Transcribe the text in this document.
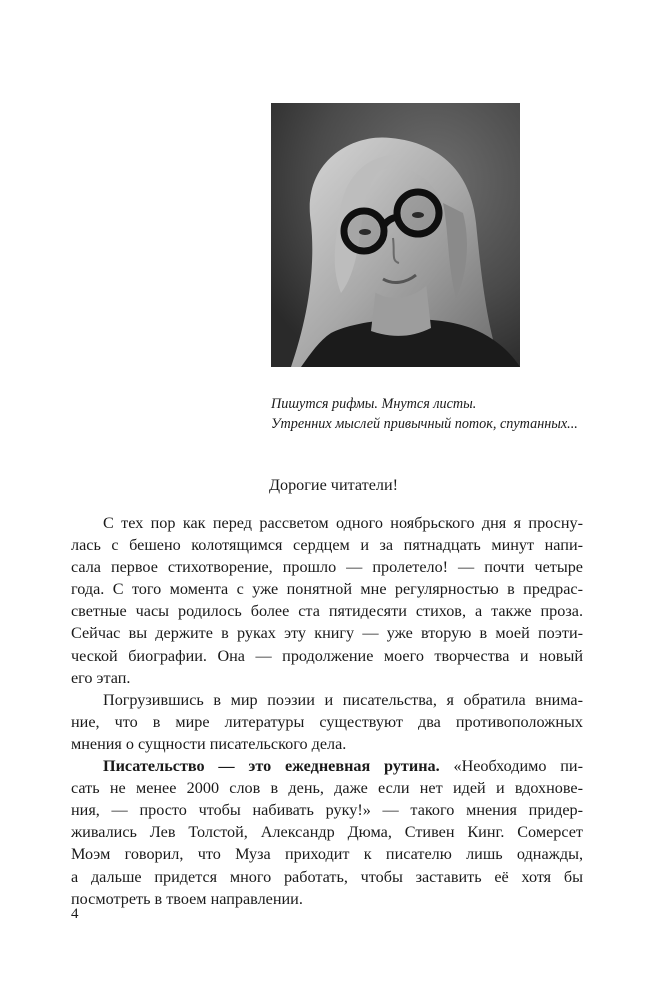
Пишутся рифмы. Мнутся листы.
Утренних мыслей привычный поток, спутанных...
Дорогие читатели!
С тех пор как перед рассветом одного ноябрьского дня я просну-
лась с бешено колотящимся сердцем и за пятнадцать минут напи-
сала первое стихотворение, прошло — пролетело! — почти четыре
года. С того момента с уже понятной мне регулярностью в предрас-
светные часы родилось более ста пятидесяти стихов, а также проза.
Сейчас вы держите в руках эту книгу — уже вторую в моей поэти-
ческой биографии. Она — продолжение моего творчества и новый
его этап.
Погрузившись в мир поэзии и писательства, я обратила внима-
ние, что в мире литературы существуют два противоположных
мнения о сущности писательского дела.
Писательство — это ежедневная рутина. «Необходимо пи-
сать не менее 2000 слов в день, даже если нет идей и вдохнове-
ния, — просто чтобы набивать руку!» — такого мнения придер-
живались Лев Толстой, Александр Дюма, Стивен Кинг. Сомерсет
Моэм говорил, что Муза приходит к писателю лишь однажды,
а дальше придется много работать, чтобы заставить её хотя бы
посмотреть в твоем направлении.
4
